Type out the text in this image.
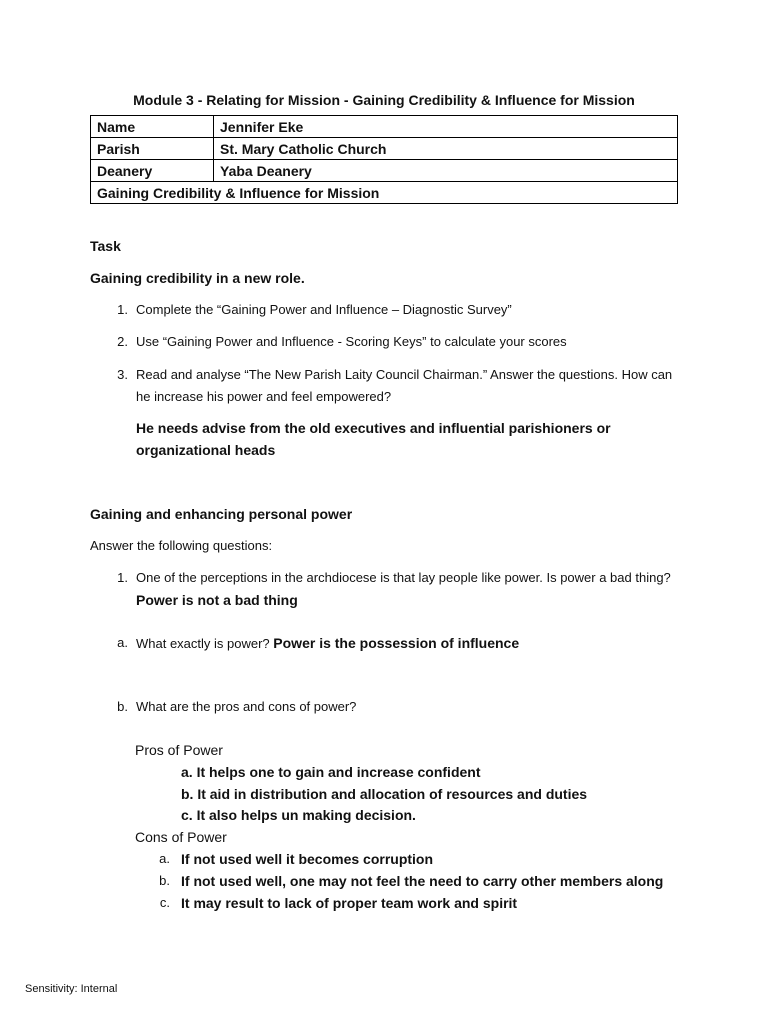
Module 3 - Relating for Mission - Gaining Credibility & Influence for Mission
Name	Jennifer Eke
Parish	St. Mary Catholic Church
Deanery	Yaba Deanery
Gaining Credibility & Influence for Mission	
Task
Gaining credibility in a new role.
1. Complete the “Gaining Power and Influence – Diagnostic Survey”
2. Use “Gaining Power and Influence - Scoring Keys” to calculate your scores
3. Read and analyse “The New Parish Laity Council Chairman.” Answer the questions. How can he increase his power and feel empowered?
He needs advise from the old executives and influential parishioners or organizational heads
Gaining and enhancing personal power
Answer the following questions:
1. One of the perceptions in the archdiocese is that lay people like power. Is power a bad thing? Power is not a bad thing
a. What exactly is power? Power is the possession of influence
b. What are the pros and cons of power?
Pros of Power
a. It helps one to gain and increase confident
b. It aid in distribution and allocation of resources and duties
c. It also helps un making decision.
Cons of Power
a. If not used well it becomes corruption
b. If not used well, one may not feel the need to carry other members along
c. It may result to lack of proper team work and spirit
Sensitivity: Internal
